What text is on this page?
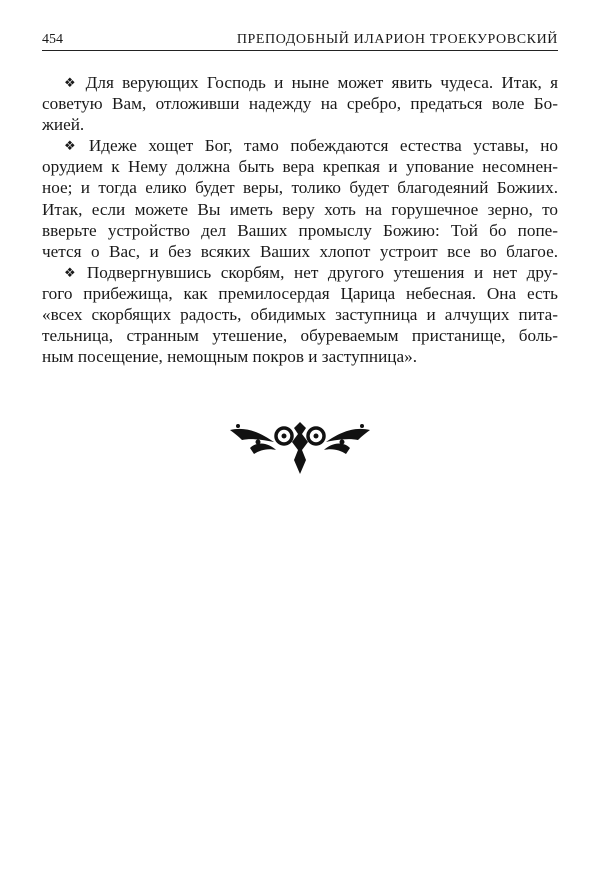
454	ПРЕПОДОБНЫЙ ИЛАРИОН ТРОЕКУРОВСКИЙ
❖ Для верующих Господь и ныне может явить чудеса. Итак, я
советую Вам, отложивши надежду на сребро, предаться воле Бо-
жией.
❖ Идеже хощет Бог, тамо побеждаются естества уставы, но
орудием к Нему должна быть вера крепкая и упование несомнен-
ное; и тогда елико будет веры, толико будет благодеяний Божиих.
Итак, если можете Вы иметь веру хоть на горушечное зерно, то
вверьте устройство дел Ваших промыслу Божию: Той бо попе-
чется о Вас, и без всяких Ваших хлопот устроит все во благое.
❖ Подвергнувшись скорбям, нет другого утешения и нет дру-
гого прибежища, как премилосердая Царица небесная. Она есть
«всех скорбящих радость, обидимых заступница и алчущих пита-
тельница, странным утешение, обуреваемым пристанище, боль-
ным посещение, немощным покров и заступница».
